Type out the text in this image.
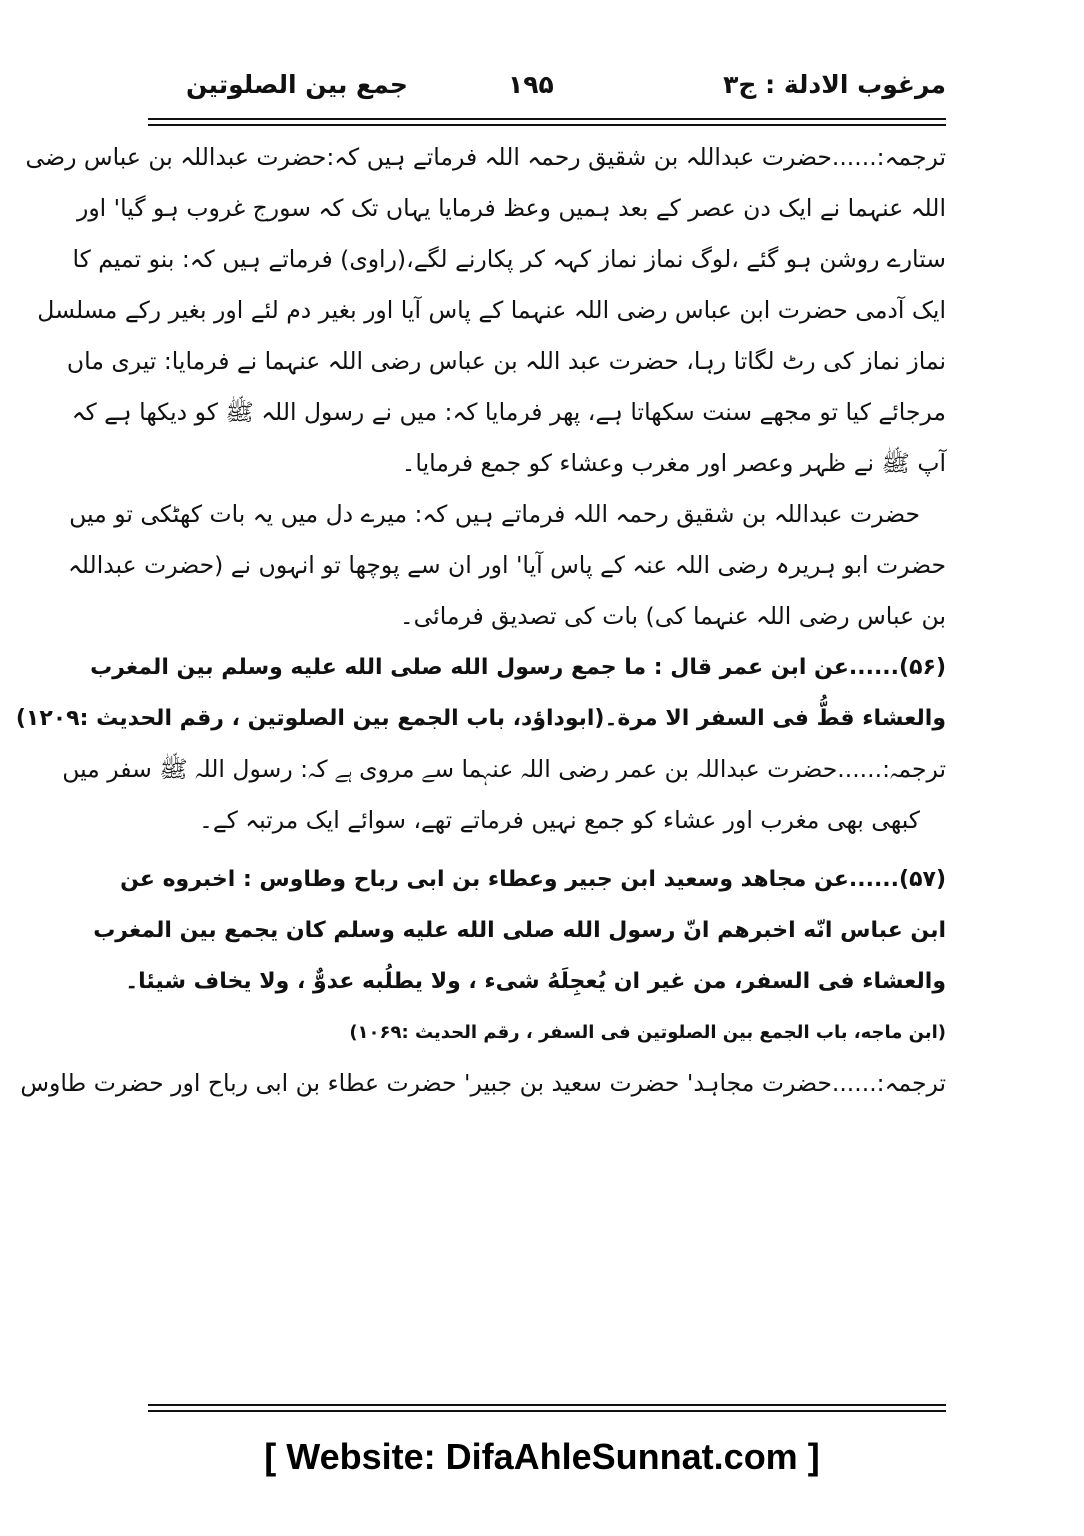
مرغوب الادلة : ج۳
۱۹۵
جمع بین الصلوتین
ترجمہ:......حضرت عبداللہ بن شقیق رحمہ اللہ فرماتے ہیں کہ:حضرت عبداللہ بن عباس رضی
اللہ عنہما نے ایک دن عصر کے بعد ہمیں وعظ فرمایا یہاں تک کہ سورج غروب ہو گیا' اور
ستارے روشن ہو گئے ،لوگ نماز نماز کہہ کر پکارنے لگے،(راوی) فرماتے ہیں کہ: بنو تمیم کا
ایک آدمی حضرت ابن عباس رضی اللہ عنہما کے پاس آیا اور بغیر دم لئے اور بغیر رکے مسلسل
نماز نماز کی رٹ لگاتا رہا، حضرت عبد اللہ بن عباس رضی اللہ عنہما نے فرمایا: تیری ماں
مرجائے کیا تو مجھے سنت سکھاتا ہے، پھر فرمایا کہ: میں نے رسول اللہ ﷺ کو دیکھا ہے کہ
آپ ﷺ نے ظہر وعصر اور مغرب وعشاء کو جمع فرمایا۔
حضرت عبداللہ بن شقیق رحمہ اللہ فرماتے ہیں کہ: میرے دل میں یہ بات کھٹکی تو میں
حضرت ابو ہریرہ رضی اللہ عنہ کے پاس آیا' اور ان سے پوچھا تو انہوں نے (حضرت عبداللہ
بن عباس رضی اللہ عنہما کی) بات کی تصدیق فرمائی۔
(۵۶)......عن ابن عمر قال : ما جمع رسول الله صلى الله عليه وسلم بين المغرب
والعشاء قطُّ فى السفر الا مرة۔(ابوداؤد، باب الجمع بين الصلوتين ، رقم الحديث :۱۲۰۹)
ترجمہ:......حضرت عبداللہ بن عمر رضی اللہ عنہما سے مروی ہے کہ: رسول اللہ ﷺ سفر میں
کبھی بھی مغرب اور عشاء کو جمع نہیں فرماتے تھے، سوائے ایک مرتبہ کے۔
(۵۷)......عن مجاهد وسعيد ابن جبير وعطاء بن ابى رباح وطاوس : اخبروه عن
ابن عباس انّه اخبرهم انّ رسول الله صلى الله عليه وسلم كان يجمع بين المغرب
والعشاء فى السفر، من غير ان يُعجِلَهُ شىء ، ولا يطلُبه عدوٌّ ، ولا يخاف شيئا۔
(ابن ماجه، باب الجمع بين الصلوتين فى السفر ، رقم الحديث :۱۰۶۹)
ترجمہ:......حضرت مجاہد' حضرت سعید بن جبیر' حضرت عطاء بن ابی رباح اور حضرت طاوس
[ Website: DifaAhleSunnat.com ]
